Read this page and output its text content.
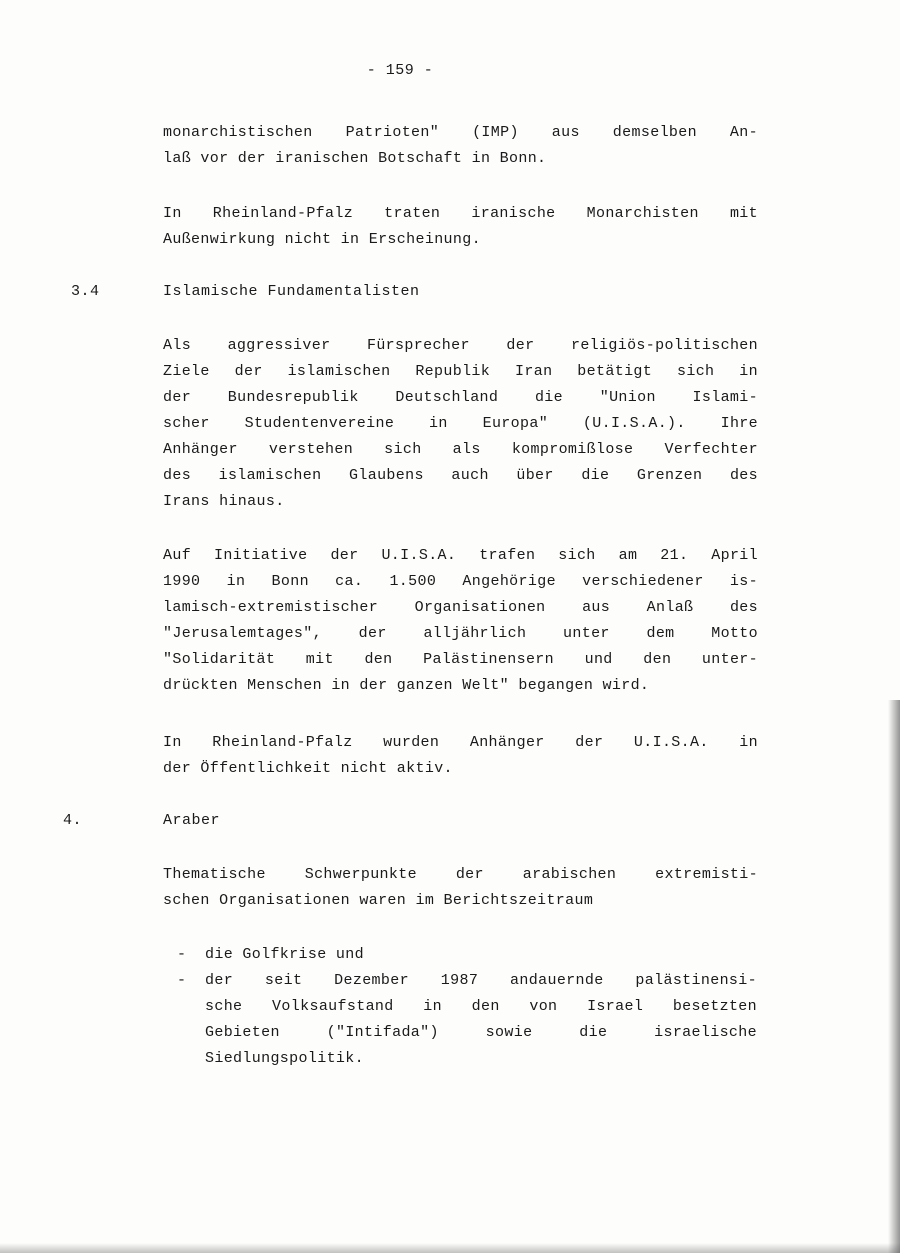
- 159 -
monarchistischen Patrioten" (IMP) aus demselben An-
laß vor der iranischen Botschaft in Bonn.
In Rheinland-Pfalz traten iranische Monarchisten mit
Außenwirkung nicht in Erscheinung.
3.4	Islamische Fundamentalisten
Als aggressiver Fürsprecher der religiös-politischen
Ziele der islamischen Republik Iran betätigt sich in
der Bundesrepublik Deutschland die "Union Islami-
scher Studentenvereine in Europa" (U.I.S.A.). Ihre
Anhänger verstehen sich als kompromißlose Verfechter
des islamischen Glaubens auch über die Grenzen des
Irans hinaus.
Auf Initiative der U.I.S.A. trafen sich am 21. April
1990 in Bonn ca. 1.500 Angehörige verschiedener is-
lamisch-extremistischer Organisationen aus Anlaß des
"Jerusalemtages", der alljährlich unter dem Motto
"Solidarität mit den Palästinensern und den unter-
drückten Menschen in der ganzen Welt" begangen wird.
In Rheinland-Pfalz wurden Anhänger der U.I.S.A. in
der Öffentlichkeit nicht aktiv.
4.	Araber
Thematische Schwerpunkte der arabischen extremisti-
schen Organisationen waren im Berichtszeitraum
- die Golfkrise und
- der seit Dezember 1987 andauernde palästinensi-
sche Volksaufstand in den von Israel besetzten
Gebieten ("Intifada") sowie die israelische
Siedlungspolitik.
